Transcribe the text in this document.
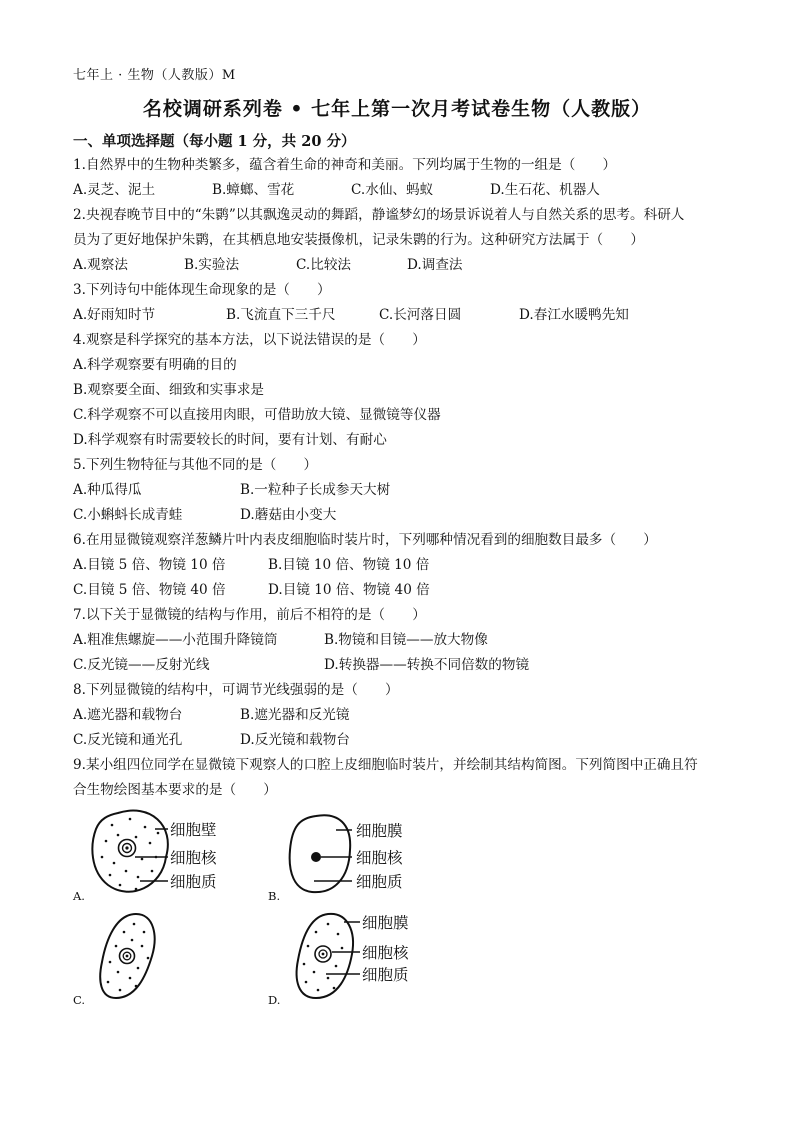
七年上 · 生物（人教版）M
名校调研系列卷 • 七年上第一次月考试卷生物（人教版）
一、单项选择题（每小题 1 分，共 20 分）
1.自然界中的生物种类繁多，蕴含着生命的神奇和美丽。下列均属于生物的一组是（　　）
A.灵芝、泥土	B.蟑螂、雪花	C.水仙、蚂蚁	D.生石花、机器人
2.央视春晚节目中的“朱鹮”以其飘逸灵动的舞蹈，静谧梦幻的场景诉说着人与自然关系的思考。科研人
员为了更好地保护朱鹮，在其栖息地安装摄像机，记录朱鹮的行为。这种研究方法属于（　　）
A.观察法	B.实验法	C.比较法	D.调查法
3.下列诗句中能体现生命现象的是（　　）
A.好雨知时节	B.飞流直下三千尺	C.长河落日圆	D.春江水暖鸭先知
4.观察是科学探究的基本方法，以下说法错误的是（　　）
A.科学观察要有明确的目的
B.观察要全面、细致和实事求是
C.科学观察不可以直接用肉眼，可借助放大镜、显微镜等仪器
D.科学观察有时需要较长的时间，要有计划、有耐心
5.下列生物特征与其他不同的是（　　）
A.种瓜得瓜	B.一粒种子长成参天大树
C.小蝌蚪长成青蛙	D.蘑菇由小变大
6.在用显微镜观察洋葱鳞片叶内表皮细胞临时装片时，下列哪种情况看到的细胞数目最多（　　）
A.目镜 5 倍、物镜 10 倍	B.目镜 10 倍、物镜 10 倍
C.目镜 5 倍、物镜 40 倍	D.目镜 10 倍、物镜 40 倍
7.以下关于显微镜的结构与作用，前后不相符的是（　　）
A.粗准焦螺旋——小范围升降镜筒	B.物镜和目镜——放大物像
C.反光镜——反射光线	D.转换器——转换不同倍数的物镜
8.下列显微镜的结构中，可调节光线强弱的是（　　）
A.遮光器和载物台	B.遮光器和反光镜
C.反光镜和通光孔	D.反光镜和载物台
9.某小组四位同学在显微镜下观察人的口腔上皮细胞临时装片，并绘制其结构简图。下列简图中正确且符
合生物绘图基本要求的是（　　）
细胞壁
细胞核
细胞质
A.
细胞膜
细胞核
细胞质
B.
C.
细胞膜
细胞核
细胞质
D.
